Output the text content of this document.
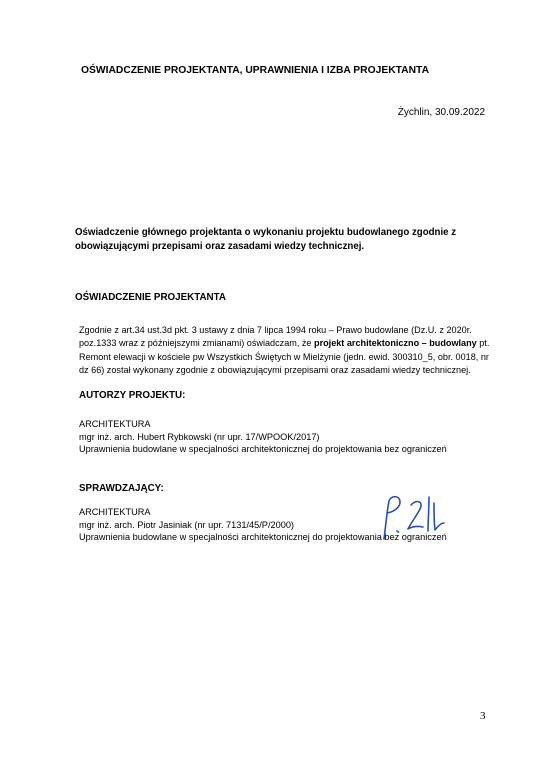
OŚWIADCZENIE PROJEKTANTA, UPRAWNIENIA I IZBA PROJEKTANTA
Żychlin, 30.09.2022
Oświadczenie głównego projektanta o wykonaniu projektu budowlanego zgodnie z
obowiązującymi przepisami oraz zasadami wiedzy technicznej.
OŚWIADCZENIE PROJEKTANTA
Zgodnie z art.34 ust.3d pkt. 3 ustawy z dnia 7 lipca 1994 roku – Prawo budowlane (Dz.U. z 2020r.
poz.1333 wraz z późniejszymi zmianami) oświadczam, że projekt architektoniczno – budowlany pt.
Remont elewacji w kościele pw Wszystkich Świętych w Mielżynie (jedn. ewid. 300310_5, obr. 0018, nr
dz 66) został wykonany zgodnie z obowiązującymi przepisami oraz zasadami wiedzy technicznej.
AUTORZY PROJEKTU:
ARCHITEKTURA
mgr inż. arch. Hubert Rybkowski (nr upr. 17/WPOOK/2017)
Uprawnienia budowlane w specjalności architektonicznej do projektowania bez ograniczeń
SPRAWDZAJĄCY:
ARCHITEKTURA
mgr inż. arch. Piotr Jasiniak (nr upr. 7131/45/P/2000)
Uprawnienia budowlane w specjalności architektonicznej do projektowania bez ograniczeń
3
